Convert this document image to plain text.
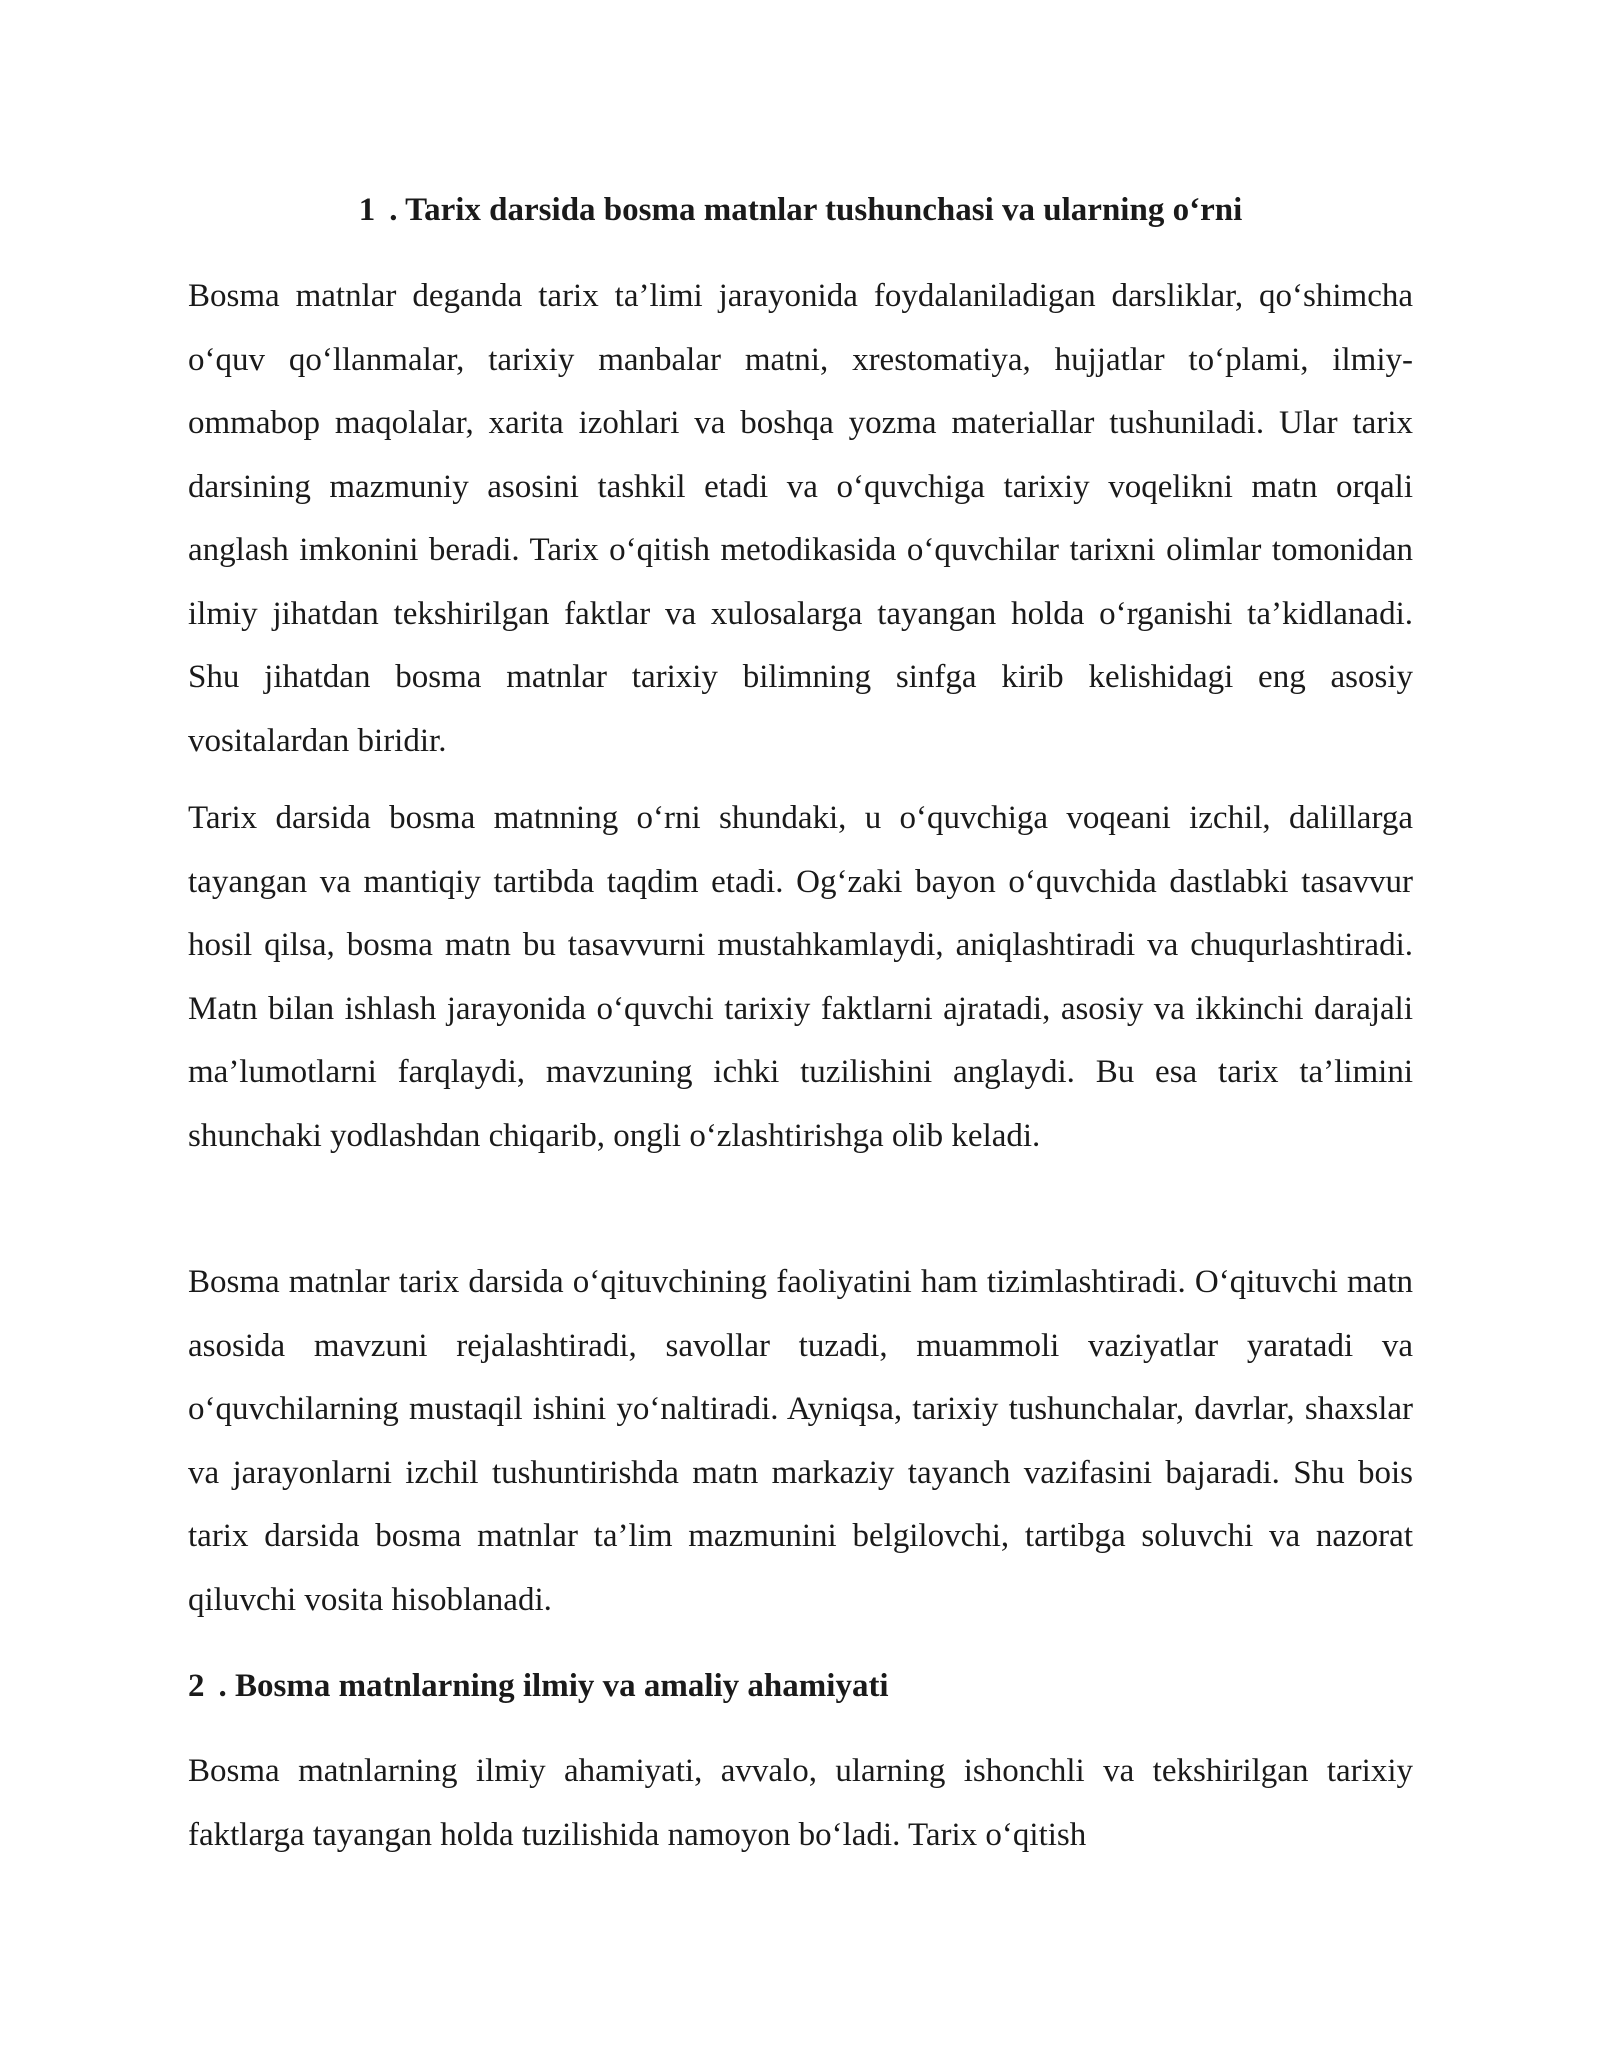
1 . Tarix darsida bosma matnlar tushunchasi va ularning o‘rni

Bosma matnlar deganda tarix ta’limi jarayonida foydalaniladigan darsliklar, qo‘shimcha o‘quv qo‘llanmalar, tarixiy manbalar matni, xrestomatiya, hujjatlar to‘plami, ilmiy-ommabop maqolalar, xarita izohlari va boshqa yozma materiallar tushuniladi. Ular tarix darsining mazmuniy asosini tashkil etadi va o‘quvchiga tarixiy voqelikni matn orqali anglash imkonini beradi. Tarix o‘qitish metodikasida o‘quvchilar tarixni olimlar tomonidan ilmiy jihatdan tekshirilgan faktlar va xulosalarga tayangan holda o‘rganishi ta’kidlanadi. Shu jihatdan bosma matnlar tarixiy bilimning sinfga kirib kelishidagi eng asosiy vositalardan biridir.

Tarix darsida bosma matnning o‘rni shundaki, u o‘quvchiga voqeani izchil, dalillarga tayangan va mantiqiy tartibda taqdim etadi. Og‘zaki bayon o‘quvchida dastlabki tasavvur hosil qilsa, bosma matn bu tasavvurni mustahkamlaydi, aniqlashtiradi va chuqurlashtiradi. Matn bilan ishlash jarayonida o‘quvchi tarixiy faktlarni ajratadi, asosiy va ikkinchi darajali ma’lumotlarni farqlaydi, mavzuning ichki tuzilishini anglaydi. Bu esa tarix ta’limini shunchaki yodlashdan chiqarib, ongli o‘zlashtirishga olib keladi.

Bosma matnlar tarix darsida o‘qituvchining faoliyatini ham tizimlashtiradi. O‘qituvchi matn asosida mavzuni rejalashtiradi, savollar tuzadi, muammoli vaziyatlar yaratadi va o‘quvchilarning mustaqil ishini yo‘naltiradi. Ayniqsa, tarixiy tushunchalar, davrlar, shaxslar va jarayonlarni izchil tushuntirishda matn markaziy tayanch vazifasini bajaradi. Shu bois tarix darsida bosma matnlar ta’lim mazmunini belgilovchi, tartibga soluvchi va nazorat qiluvchi vosita hisoblanadi.

2 . Bosma matnlarning ilmiy va amaliy ahamiyati

Bosma matnlarning ilmiy ahamiyati, avvalo, ularning ishonchli va tekshirilgan tarixiy faktlarga tayangan holda tuzilishida namoyon bo‘ladi. Tarix o‘qitish
